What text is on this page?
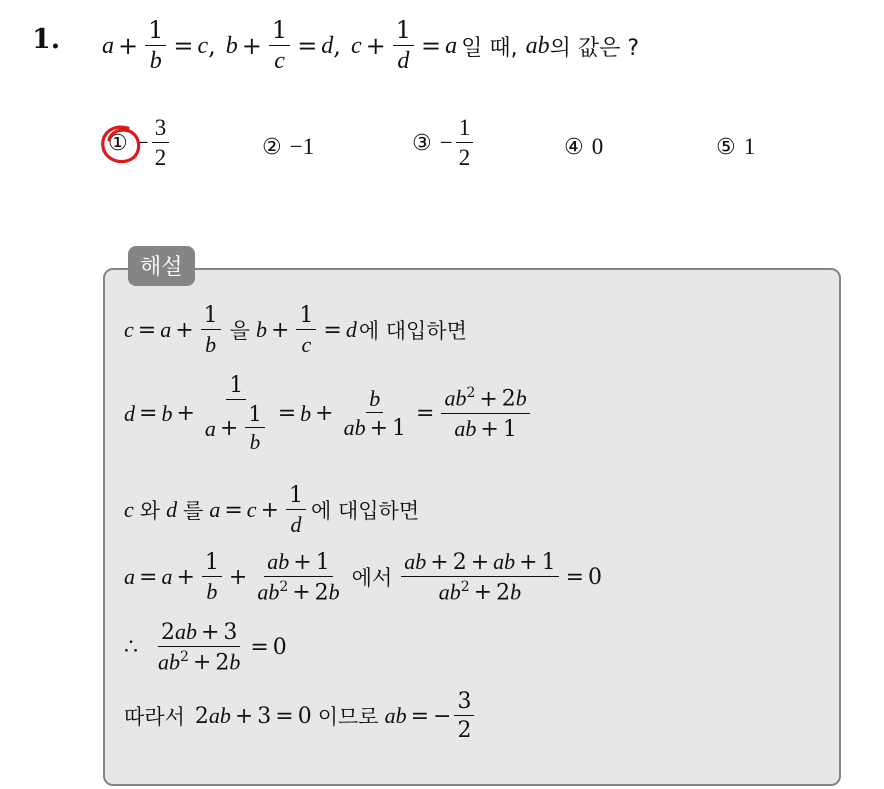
1. $a + \frac{1}{b} = c$ , $b + \frac{1}{c} = d$ , $c + \frac{1}{d} = a$ 일 때, ab 의 값은 ?
① − $\frac{3}{2}$	② −1	③ − $\frac{1}{2}$	④ 0	⑤ 1
해설
$c = a + \frac{1}{b}$ 을 $b + \frac{1}{c} = d$ 에 대입하면
$d = b + \frac{1}{a + \frac{1}{b}} = b + \frac{b}{ab + 1} = \frac{ab^2 + 2b}{ab + 1}$
c 와 d 를 $a = c + \frac{1}{d}$ 에 대입하면
$a = a + \frac{1}{b} + \frac{ab + 1}{ab^2 + 2b}$ 에서 $\frac{ab + 2 + ab + 1}{ab^2 + 2b} = 0$
∴ $\frac{2ab + 3}{ab^2 + 2b} = 0$
따라서 2 ab + 3 = 0 이므로 ab = − $\frac{3}{2}$
